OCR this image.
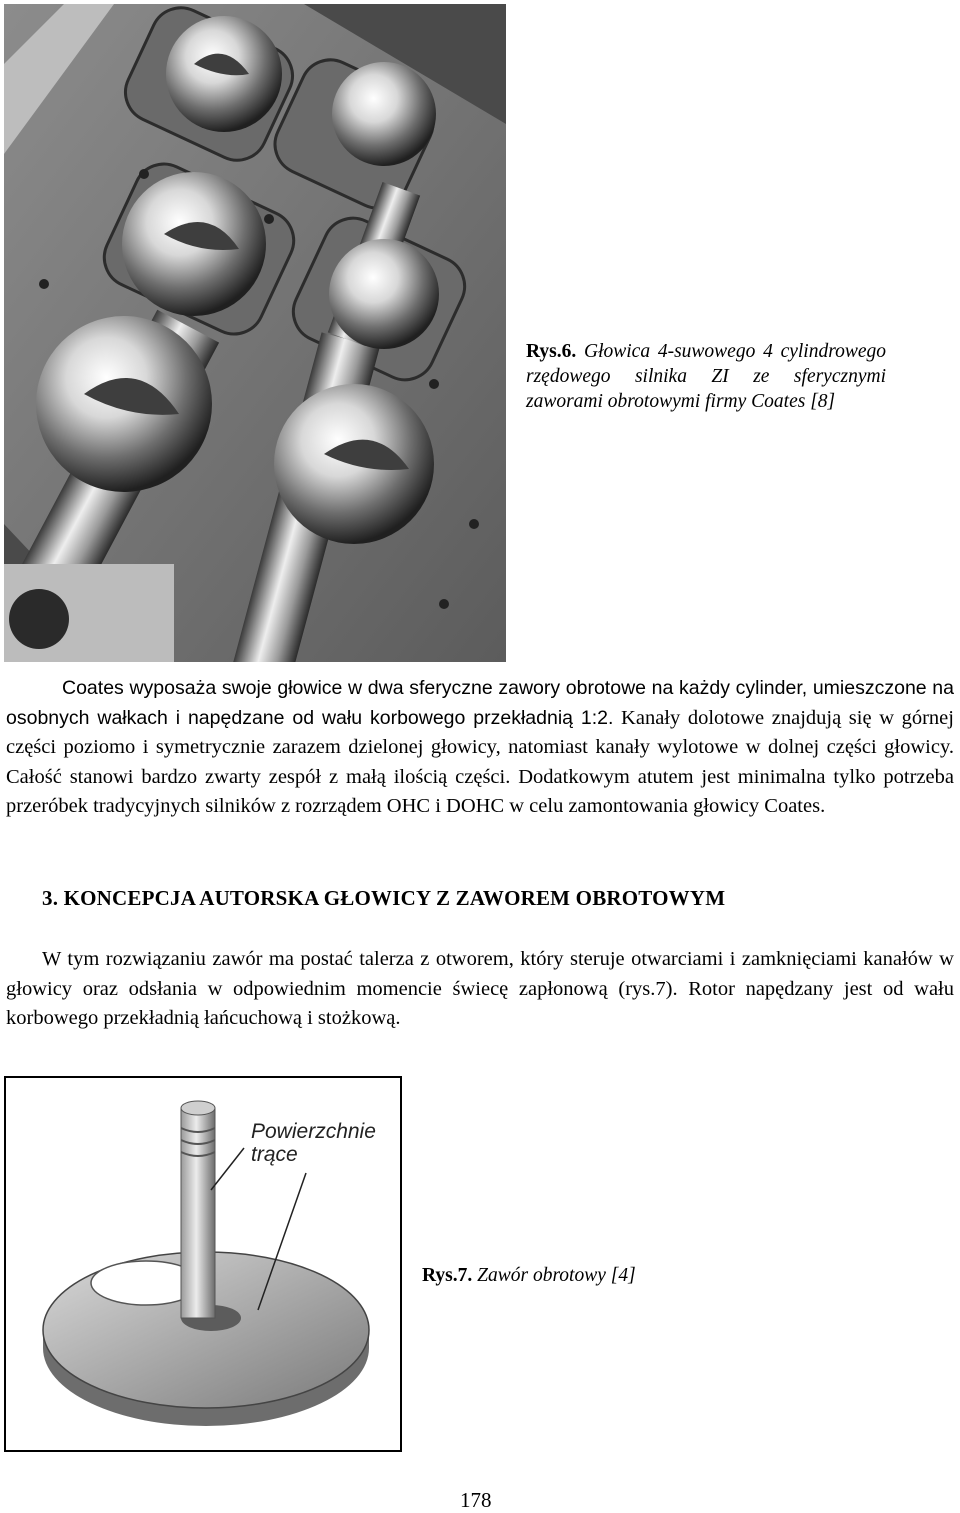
Rys.6. Głowica 4-suwowego 4 cylindrowego rzędowego silnika ZI ze sferycznymi zaworami obrotowymi firmy Coates [8]

Coates wyposaża swoje głowice w dwa sferyczne zawory obrotowe na każdy cylinder, umieszczone na osobnych wałkach i napędzane od wału korbowego przekładnią 1:2. Kanały dolotowe znajdują się w górnej części poziomo i symetrycznie zarazem dzielonej głowicy, natomiast kanały wylotowe w dolnej części głowicy. Całość stanowi bardzo zwarty zespół z małą ilością części. Dodatkowym atutem jest minimalna tylko potrzeba przeróbek tradycyjnych silników z rozrządem OHC i DOHC w celu zamontowania głowicy Coates.

3. KONCEPCJA AUTORSKA GŁOWICY Z ZAWOREM OBROTOWYM

W tym rozwiązaniu zawór ma postać talerza z otworem, który steruje otwarciami i zamknięciami kanałów w głowicy oraz odsłania w odpowiednim momencie świecę zapłonową (rys.7). Rotor napędzany jest od wału korbowego przekładnią łańcuchową i stożkową.

Powierzchnie trące
Rys.7. Zawór obrotowy [4]
178
